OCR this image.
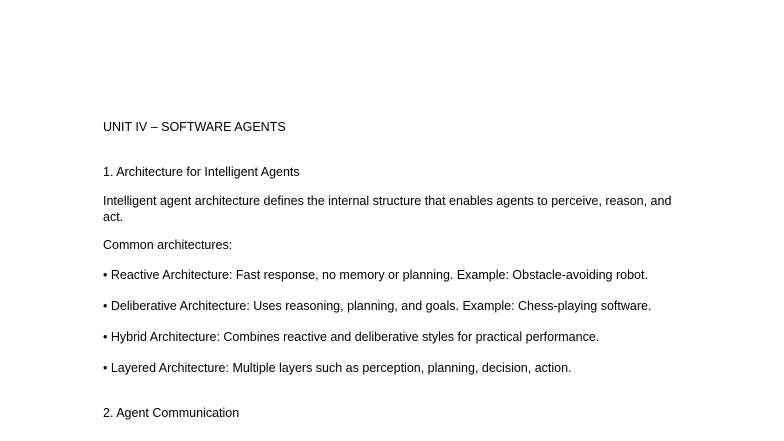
UNIT IV – SOFTWARE AGENTS
1. Architecture for Intelligent Agents

Intelligent agent architecture defines the internal structure that enables agents to perceive, reason, and act.

Common architectures:

• Reactive Architecture: Fast response, no memory or planning. Example: Obstacle-avoiding robot.
• Deliberative Architecture: Uses reasoning, planning, and goals. Example: Chess-playing software.
• Hybrid Architecture: Combines reactive and deliberative styles for practical performance.
• Layered Architecture: Multiple layers such as perception, planning, decision, action.
2. Agent Communication
